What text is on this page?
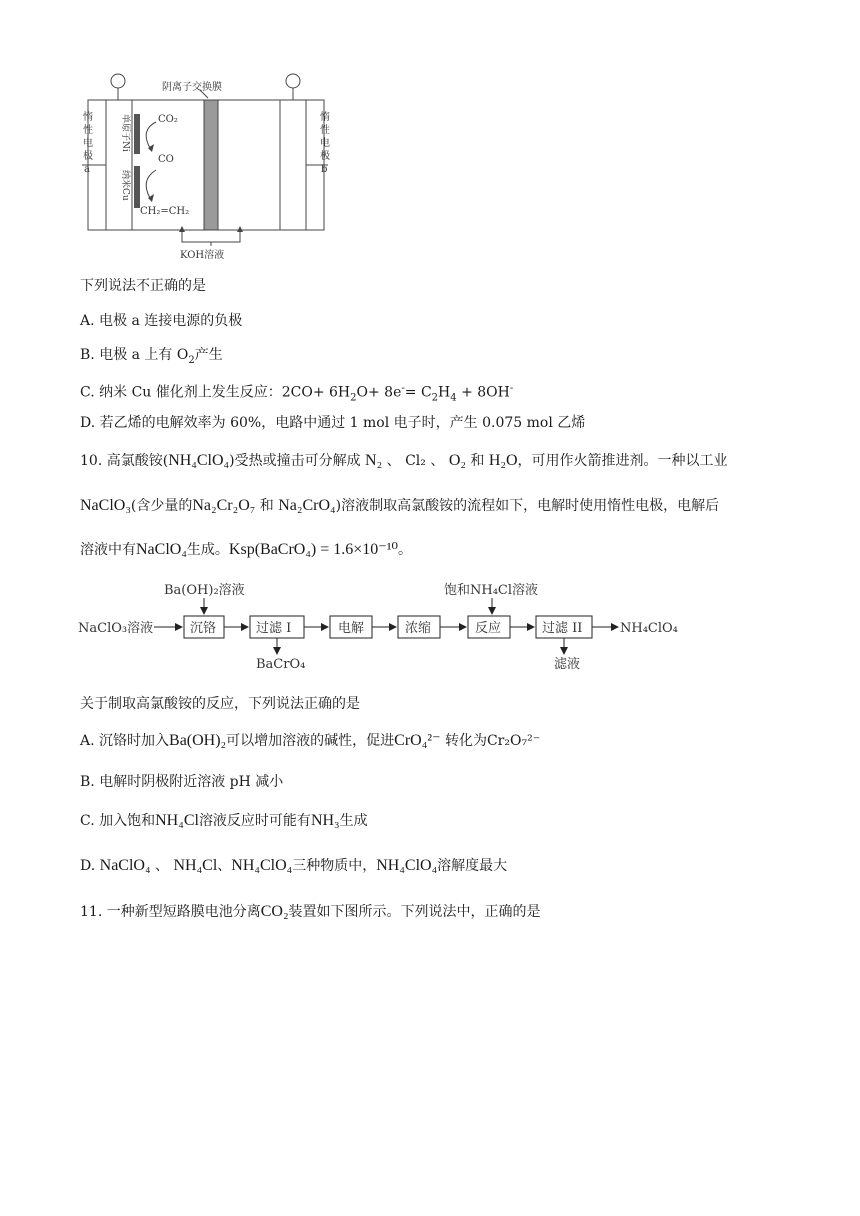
阴离子交换膜
CO₂
CO
CH₂=CH₂
KOH溶液
单原子Ni
纳米Cu
惰
性
电
极
a
惰
性
电
极
b
下列说法不正确的是
A. 电极 a 连接电源的负极
B. 电极 a 上有 $O_2$产生
C. 纳米 Cu 催化剂上发生反应：$2CO+ 6H_2O+ 8e^-= C_2H_4 + 8OH^-$
D. 若乙烯的电解效率为 60%，电路中通过 1 mol 电子时，产生 0.075 mol 乙烯
10. 高氯酸铵(NH₄ClO₄)受热或撞击可分解成 N₂ 、 Cl₂ 、 O₂ 和 H₂O，可用作火箭推进剂。一种以工业
NaClO₃(含少量的Na₂Cr₂O₇ 和 Na₂CrO₄)溶液制取高氯酸铵的流程如下，电解时使用惰性电极，电解后
溶液中有NaClO₄生成。Ksp(BaCrO₄) = 1.6×10⁻¹⁰。
NaClO₃溶液
Ba(OH)₂溶液	饱和NH₄Cl溶液
BaCrO₄	滤液
NH₄ClO₄
沉铬	过滤 I	电解	浓缩	反应	过滤 II
关于制取高氯酸铵的反应，下列说法正确的是
A. 沉铬时加入Ba(OH)₂可以增加溶液的碱性，促进CrO₄²⁻ 转化为Cr₂O₇²⁻
B. 电解时阴极附近溶液 pH 减小
C. 加入饱和NH₄Cl溶液反应时可能有NH₃生成
D. NaClO₄ 、 NH₄Cl、NH₄ClO₄三种物质中，NH₄ClO₄溶解度最大
11. 一种新型短路膜电池分离CO₂装置如下图所示。下列说法中，正确的是
